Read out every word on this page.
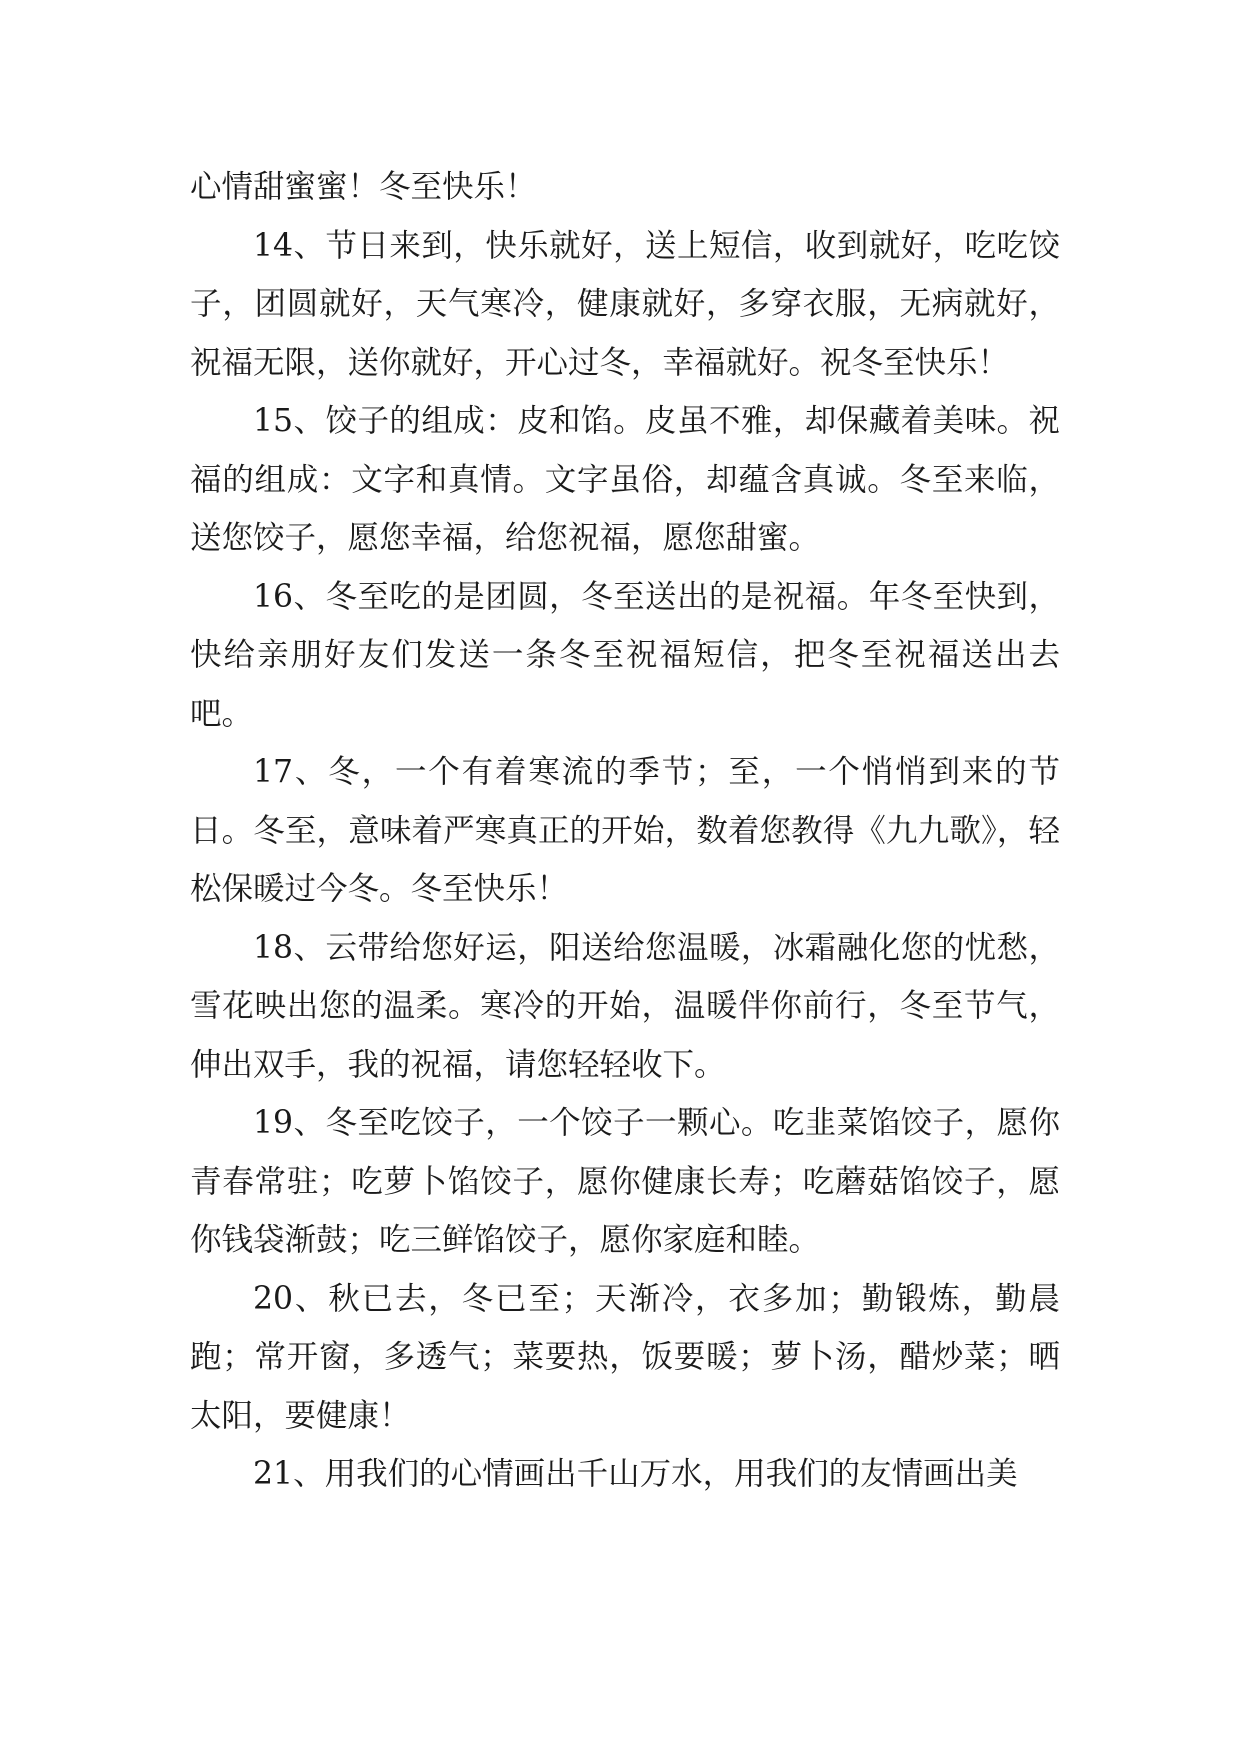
心情甜蜜蜜！冬至快乐！

14、节日来到，快乐就好，送上短信，收到就好，吃吃饺子，团圆就好，天气寒冷，健康就好，多穿衣服，无病就好，祝福无限，送你就好，开心过冬，幸福就好。祝冬至快乐！

15、饺子的组成：皮和馅。皮虽不雅，却保藏着美味。祝福的组成：文字和真情。文字虽俗，却蕴含真诚。冬至来临，送您饺子，愿您幸福，给您祝福，愿您甜蜜。

16、冬至吃的是团圆，冬至送出的是祝福。年冬至快到，快给亲朋好友们发送一条冬至祝福短信，把冬至祝福送出去吧。

17、冬，一个有着寒流的季节；至，一个悄悄到来的节日。冬至，意味着严寒真正的开始，数着您教得《九九歌》，轻松保暖过今冬。冬至快乐！

18、云带给您好运，阳送给您温暖，冰霜融化您的忧愁，雪花映出您的温柔。寒冷的开始，温暖伴你前行，冬至节气，伸出双手，我的祝福，请您轻轻收下。

19、冬至吃饺子，一个饺子一颗心。吃韭菜馅饺子，愿你青春常驻；吃萝卜馅饺子，愿你健康长寿；吃蘑菇馅饺子，愿你钱袋渐鼓；吃三鲜馅饺子，愿你家庭和睦。

20、秋已去，冬已至；天渐冷，衣多加；勤锻炼，勤晨跑；常开窗，多透气；菜要热，饭要暖；萝卜汤，醋炒菜；晒太阳，要健康！

21、用我们的心情画出千山万水，用我们的友情画出美
